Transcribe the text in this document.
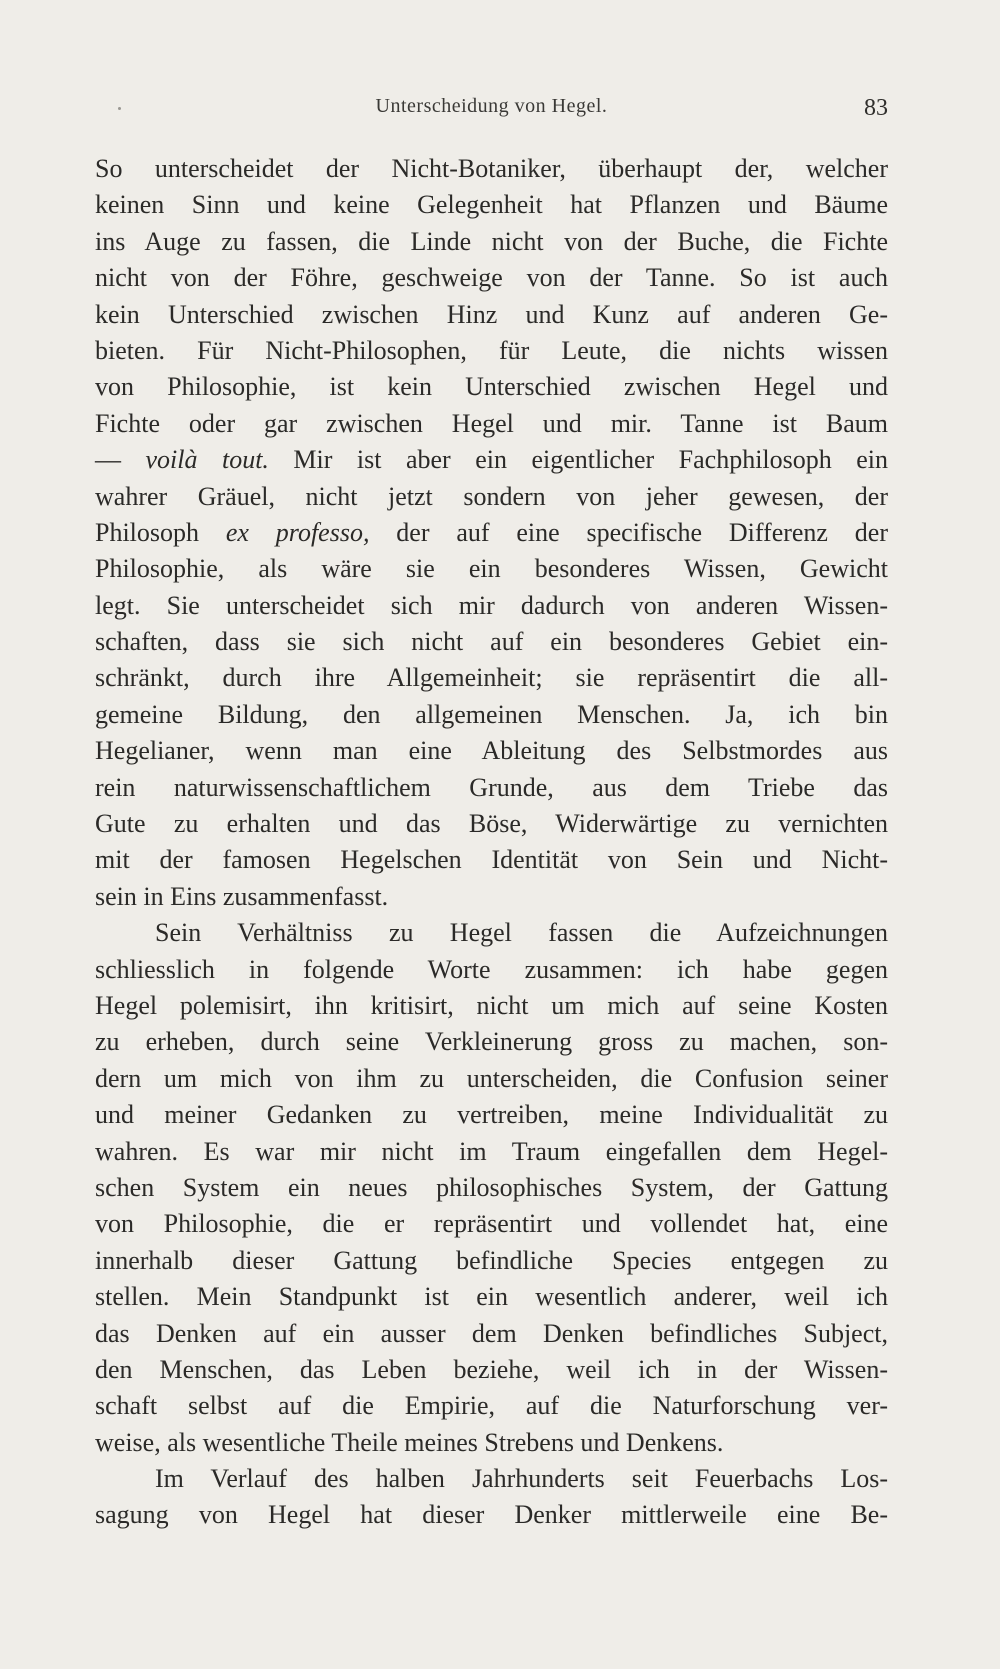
Unterscheidung von Hegel.	83
So unterscheidet der Nicht-Botaniker, überhaupt der, welcher
keinen Sinn und keine Gelegenheit hat Pflanzen und Bäume
ins Auge zu fassen, die Linde nicht von der Buche, die Fichte
nicht von der Föhre, geschweige von der Tanne. So ist auch
kein Unterschied zwischen Hinz und Kunz auf anderen Ge-
bieten. Für Nicht-Philosophen, für Leute, die nichts wissen
von Philosophie, ist kein Unterschied zwischen Hegel und
Fichte oder gar zwischen Hegel und mir. Tanne ist Baum
— voilà tout. Mir ist aber ein eigentlicher Fachphilosoph ein
wahrer Gräuel, nicht jetzt sondern von jeher gewesen, der
Philosoph ex professo, der auf eine specifische Differenz der
Philosophie, als wäre sie ein besonderes Wissen, Gewicht
legt. Sie unterscheidet sich mir dadurch von anderen Wissen-
schaften, dass sie sich nicht auf ein besonderes Gebiet ein-
schränkt, durch ihre Allgemeinheit; sie repräsentirt die all-
gemeine Bildung, den allgemeinen Menschen. Ja, ich bin
Hegelianer, wenn man eine Ableitung des Selbstmordes aus
rein naturwissenschaftlichem Grunde, aus dem Triebe das
Gute zu erhalten und das Böse, Widerwärtige zu vernichten
mit der famosen Hegelschen Identität von Sein und Nicht-
sein in Eins zusammenfasst.
Sein Verhältniss zu Hegel fassen die Aufzeichnungen
schliesslich in folgende Worte zusammen: ich habe gegen
Hegel polemisirt, ihn kritisirt, nicht um mich auf seine Kosten
zu erheben, durch seine Verkleinerung gross zu machen, son-
dern um mich von ihm zu unterscheiden, die Confusion seiner
und meiner Gedanken zu vertreiben, meine Individualität zu
wahren. Es war mir nicht im Traum eingefallen dem Hegel-
schen System ein neues philosophisches System, der Gattung
von Philosophie, die er repräsentirt und vollendet hat, eine
innerhalb dieser Gattung befindliche Species entgegen zu
stellen. Mein Standpunkt ist ein wesentlich anderer, weil ich
das Denken auf ein ausser dem Denken befindliches Subject,
den Menschen, das Leben beziehe, weil ich in der Wissen-
schaft selbst auf die Empirie, auf die Naturforschung ver-
weise, als wesentliche Theile meines Strebens und Denkens.
Im Verlauf des halben Jahrhunderts seit Feuerbachs Los-
sagung von Hegel hat dieser Denker mittlerweile eine Be-
